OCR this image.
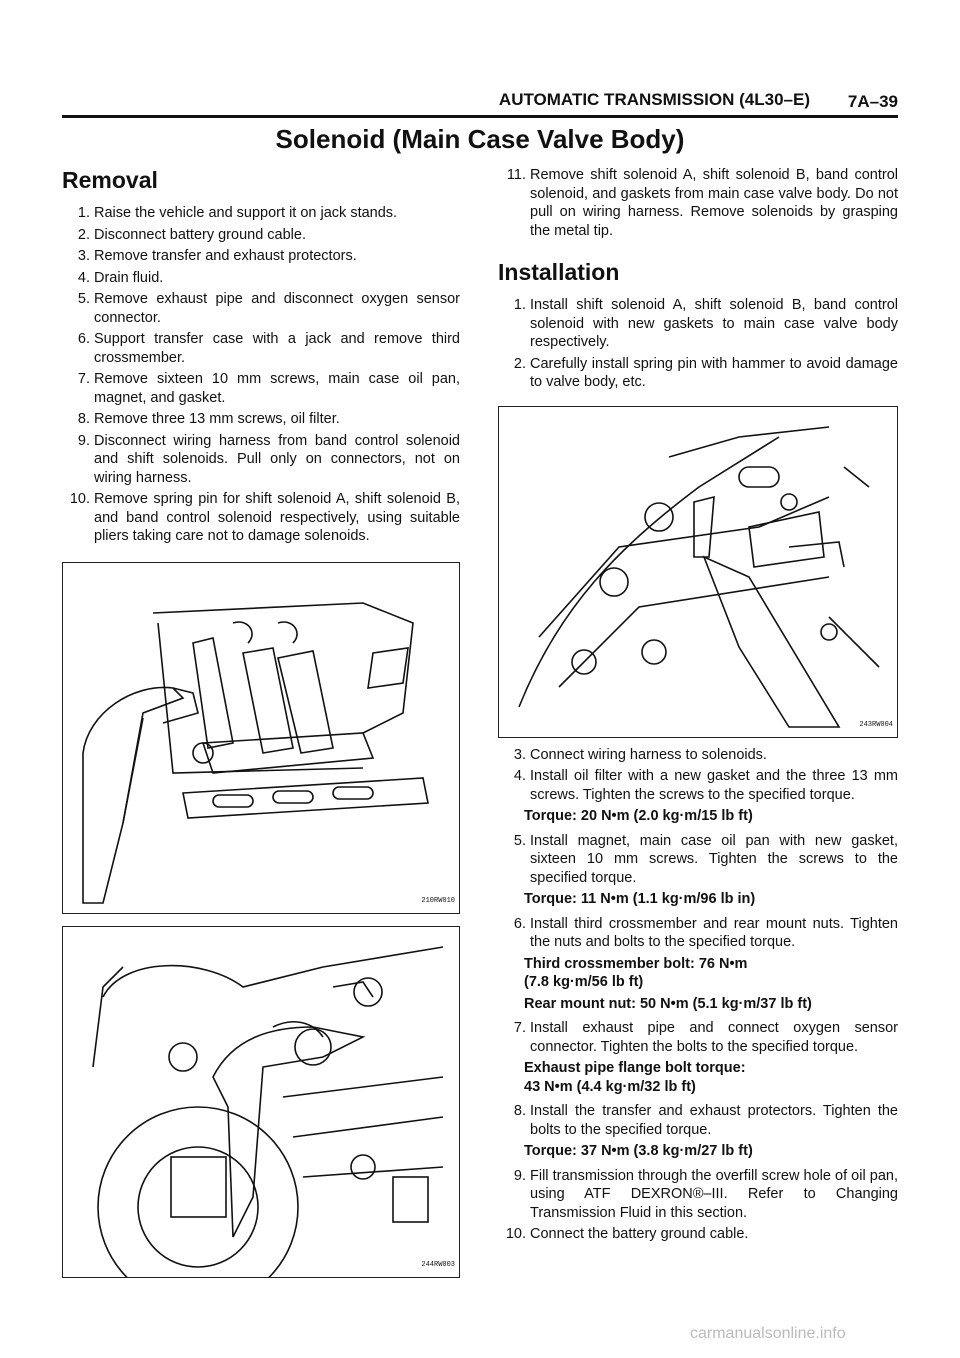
AUTOMATIC TRANSMISSION (4L30–E)	7A–39
Solenoid (Main Case Valve Body)
Removal
1. Raise the vehicle and support it on jack stands.
2. Disconnect battery ground cable.
3. Remove transfer and exhaust protectors.
4. Drain fluid.
5. Remove exhaust pipe and disconnect oxygen sensor connector.
6. Support transfer case with a jack and remove third crossmember.
7. Remove sixteen 10 mm screws, main case oil pan, magnet, and gasket.
8. Remove three 13 mm screws, oil filter.
9. Disconnect wiring harness from band control solenoid and shift solenoids. Pull only on connectors, not on wiring harness.
10. Remove spring pin for shift solenoid A, shift solenoid B, and band control solenoid respectively, using suitable pliers taking care not to damage solenoids.
210RW010
244RW003
11. Remove shift solenoid A, shift solenoid B, band control solenoid, and gaskets from main case valve body. Do not pull on wiring harness. Remove solenoids by grasping the metal tip.
Installation
1. Install shift solenoid A, shift solenoid B, band control solenoid with new gaskets to main case valve body respectively.
2. Carefully install spring pin with hammer to avoid damage to valve body, etc.
243RW004
3. Connect wiring harness to solenoids.
4. Install oil filter with a new gasket and the three 13 mm screws. Tighten the screws to the specified torque.
Torque: 20 N•m (2.0 kg·m/15 lb ft)
5. Install magnet, main case oil pan with new gasket, sixteen 10 mm screws. Tighten the screws to the specified torque.
Torque: 11 N•m (1.1 kg·m/96 lb in)
6. Install third crossmember and rear mount nuts. Tighten the nuts and bolts to the specified torque.
Third crossmember bolt: 76 N•m
(7.8 kg·m/56 lb ft)
Rear mount nut: 50 N•m (5.1 kg·m/37 lb ft)
7. Install exhaust pipe and connect oxygen sensor connector. Tighten the bolts to the specified torque.
Exhaust pipe flange bolt torque:
43 N•m (4.4 kg·m/32 lb ft)
8. Install the transfer and exhaust protectors. Tighten the bolts to the specified torque.
Torque: 37 N•m (3.8 kg·m/27 lb ft)
9. Fill transmission through the overfill screw hole of oil pan, using ATF DEXRON®–III. Refer to Changing Transmission Fluid in this section.
10. Connect the battery ground cable.
carmanualsonline.info
